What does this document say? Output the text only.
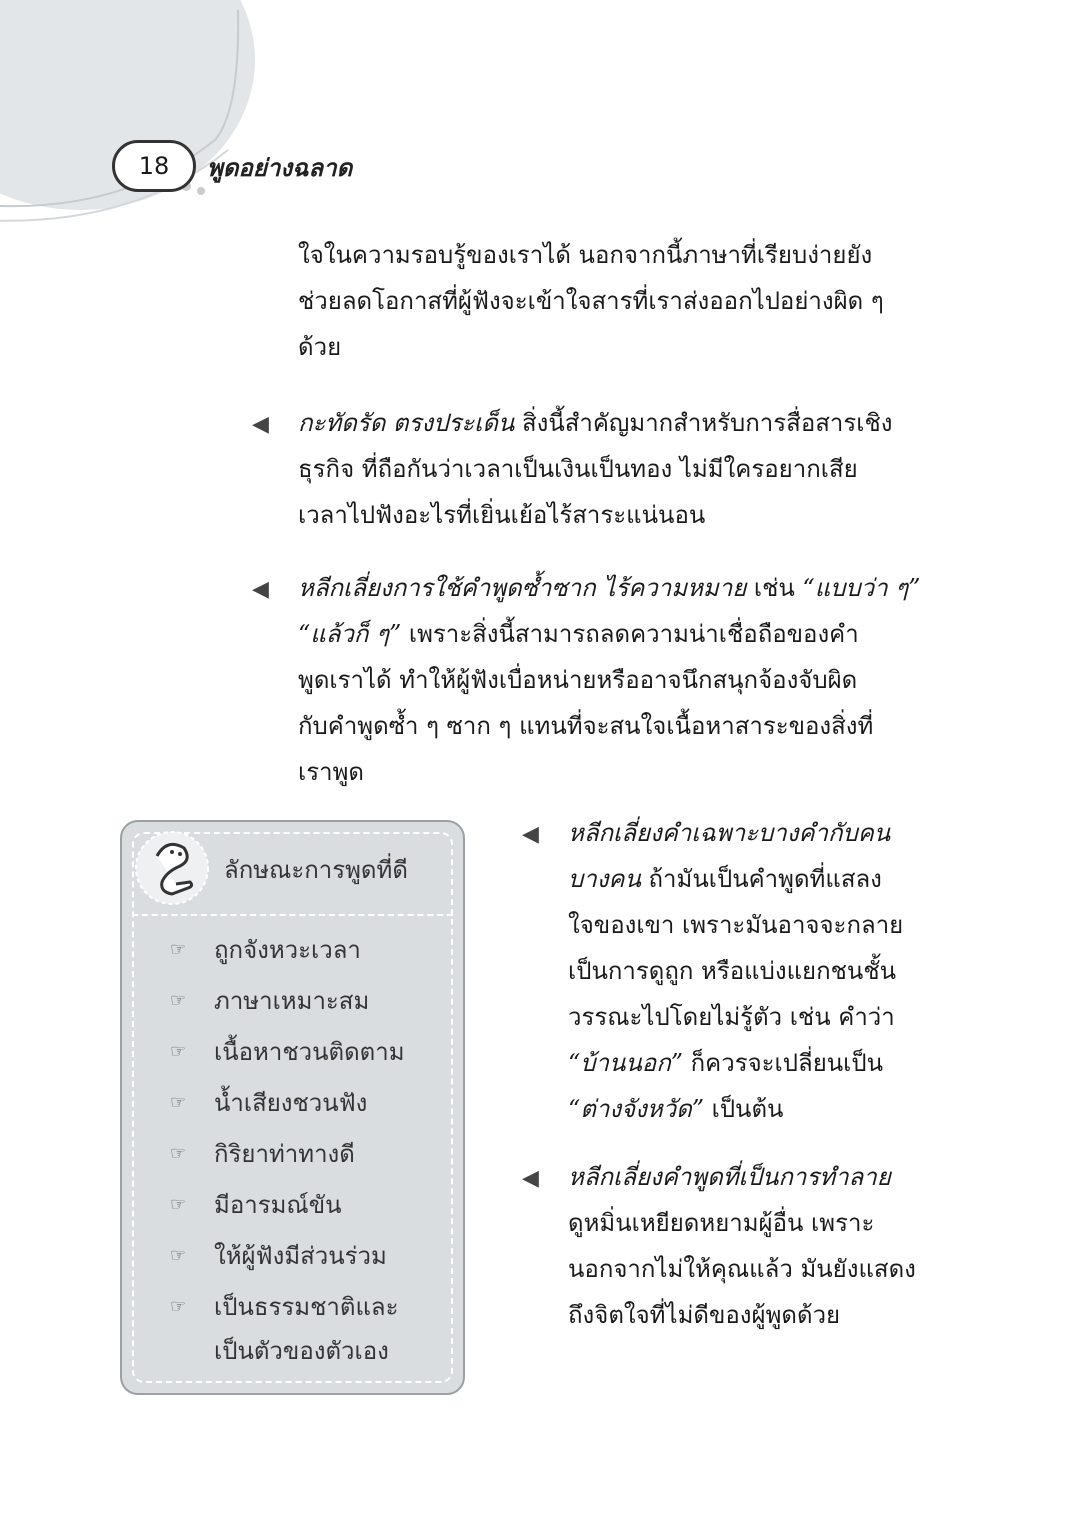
18 พูดอย่างฉลาด
ใจในความรอบรู้ของเราได้ นอกจากนี้ภาษาที่เรียบง่ายยัง
ช่วยลดโอกาสที่ผู้ฟังจะเข้าใจสารที่เราส่งออกไปอย่างผิด ๆ
ด้วย
◀ กะทัดรัด ตรงประเด็น สิ่งนี้สำคัญมากสำหรับการสื่อสารเชิง
ธุรกิจ ที่ถือกันว่าเวลาเป็นเงินเป็นทอง ไม่มีใครอยากเสีย
เวลาไปฟังอะไรที่เยิ่นเย้อไร้สาระแน่นอน
◀ หลีกเลี่ยงการใช้คำพูดซ้ำซาก ไร้ความหมาย เช่น “แบบว่า ๆ”
“แล้วก็ ๆ” เพราะสิ่งนี้สามารถลดความน่าเชื่อถือของคำ
พูดเราได้ ทำให้ผู้ฟังเบื่อหน่ายหรืออาจนึกสนุกจ้องจับผิด
กับคำพูดซ้ำ ๆ ซาก ๆ แทนที่จะสนใจเนื้อหาสาระของสิ่งที่
เราพูด
ลักษณะการพูดที่ดี
☞ ถูกจังหวะเวลา
☞ ภาษาเหมาะสม
☞ เนื้อหาชวนติดตาม
☞ น้ำเสียงชวนฟัง
☞ กิริยาท่าทางดี
☞ มีอารมณ์ขัน
☞ ให้ผู้ฟังมีส่วนร่วม
☞ เป็นธรรมชาติและ
เป็นตัวของตัวเอง
◀ หลีกเลี่ยงคำเฉพาะบางคำกับคน
บางคน ถ้ามันเป็นคำพูดที่แสลง
ใจของเขา เพราะมันอาจจะกลาย
เป็นการดูถูก หรือแบ่งแยกชนชั้น
วรรณะไปโดยไม่รู้ตัว เช่น คำว่า
“บ้านนอก” ก็ควรจะเปลี่ยนเป็น
“ต่างจังหวัด” เป็นต้น
◀ หลีกเลี่ยงคำพูดที่เป็นการทำลาย
ดูหมิ่นเหยียดหยามผู้อื่น เพราะ
นอกจากไม่ให้คุณแล้ว มันยังแสดง
ถึงจิตใจที่ไม่ดีของผู้พูดด้วย
